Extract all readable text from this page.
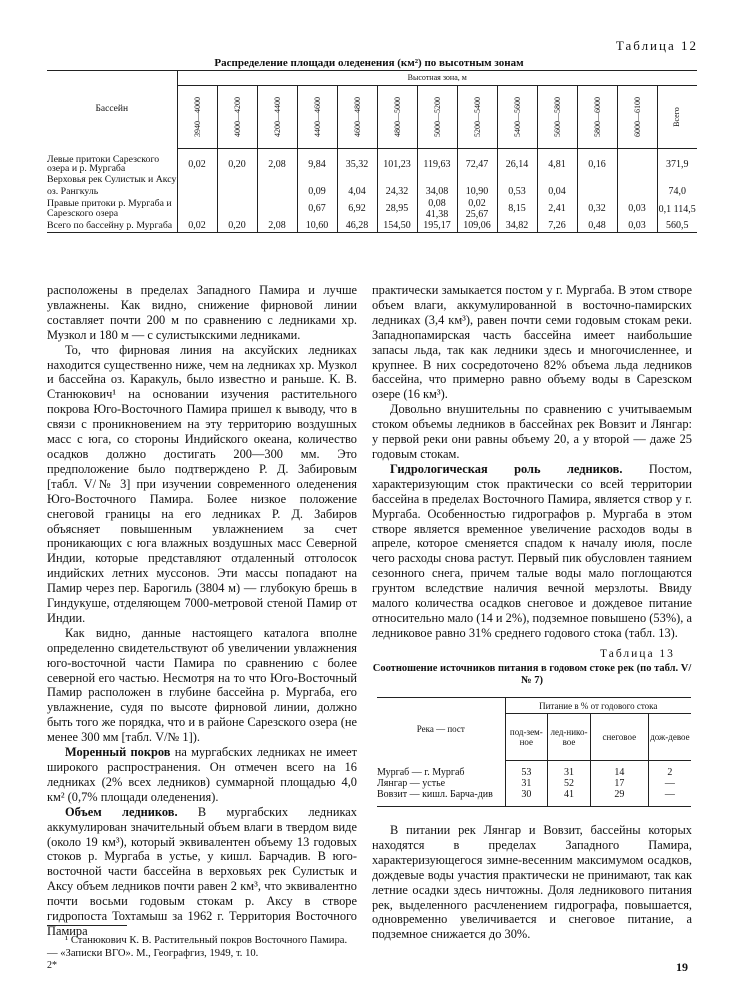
Таблица 12
Распределение площади оледенения (км²) по высотным зонам
Бассейн	Высотная зона, м												
	3940—4000	4000—4200	4200—4400	4400—4600	4600—4800	4800—5000	5000—5200	5200—5400	5400—5600	5600—5800	5800—6000	6000—6100	Всего
Левые притоки Сарезского озера и р. Мургаба	0,02	0,20	2,08	9,84	35,32	101,23	119,63	72,47	26,14	4,81	0,16		371,9
Верховья рек Сулистык и Аксу													
оз. Рангкуль				0,09	4,04	24,32	34,08	10,90	0,53	0,04			74,0
Правые притоки р. Мургаба и Сарезского озера				0,67	6,92	28,95	0,08 41,38	0,02 25,67	8,15	2,41	0,32	0,03	0,1 114,5
Всего по бассейну р. Мургаба	0,02	0,20	2,08	10,60	46,28	154,50	195,17	109,06	34,82	7,26	0,48	0,03	560,5

расположены в пределах Западного Памира и лучше увлажнены. Как видно, снижение фирновой линии составляет почти 200 м по сравнению с ледниками хр. Музкол и 180 м — с сулистыкскими ледниками.

То, что фирновая линия на аксуйских ледниках находится существенно ниже, чем на ледниках хр. Музкол и бассейна оз. Каракуль, было известно и раньше. К. В. Станюкович¹ на основании изучения растительного покрова Юго-Восточного Памира пришел к выводу, что в связи с проникновением на эту территорию воздушных масс с юга, со стороны Индийского океана, количество осадков должно достигать 200—300 мм. Это предположение было подтверждено Р. Д. Забировым [табл. V/№ 3] при изучении современного оледенения Юго-Восточного Памира. Более низкое положение снеговой границы на его ледниках Р. Д. Забиров объясняет повышенным увлажнением за счет проникающих с юга влажных воздушных масс Северной Индии, которые представляют отдаленный отголосок индийских летних муссонов. Эти массы попадают на Памир через пер. Барогиль (3804 м) — глубокую брешь в Гиндукуше, отделяющем 7000-метровой стеной Памир от Индии.

Как видно, данные настоящего каталога вполне определенно свидетельствуют об увеличении увлажнения юго-восточной части Памира по сравнению с более северной его частью. Несмотря на то что Юго-Восточный Памир расположен в глубине бассейна р. Мургаба, его увлажнение, судя по высоте фирновой линии, должно быть того же порядка, что и в районе Сарезского озера (не менее 300 мм [табл. V/№ 1]).

Моренный покров на мургабских ледниках не имеет широкого распространения. Он отмечен всего на 16 ледниках (2% всех ледников) суммарной площадью 4,0 км² (0,7% площади оледенения).

Объем ледников. В мургабских ледниках аккумулирован значительный объем влаги в твердом виде (около 19 км³), который эквивалентен объему 13 годовых стоков р. Мургаба в устье, у кишл. Барчадив. В юго-восточной части бассейна в верховьях рек Сулистык и Аксу объем ледников почти равен 2 км³, что эквивалентно почти восьми годовым стокам р. Аксу в створе гидропоста Тохтамыш за 1962 г. Территория Восточного Памира

практически замыкается постом у г. Мургаба. В этом створе объем влаги, аккумулированной в восточно-памирских ледниках (3,4 км³), равен почти семи годовым стокам реки. Западнопамирская часть бассейна имеет наибольшие запасы льда, так как ледники здесь и многочисленнее, и крупнее. В них сосредоточено 82% объема льда ледников бассейна, что примерно равно объему воды в Сарезском озере (16 км³).

Довольно внушительны по сравнению с учитываемым стоком объемы ледников в бассейнах рек Вовзит и Лянгар: у первой реки они равны объему 20, а у второй — даже 25 годовым стокам.

Гидрологическая роль ледников. Постом, характеризующим сток практически со всей территории бассейна в пределах Восточного Памира, является створ у г. Мургаба. Особенностью гидрографов р. Мургаба в этом створе является временное увеличение расходов воды в апреле, которое сменяется спадом к началу июля, после чего расходы снова растут. Первый пик обусловлен таянием сезонного снега, причем талые воды мало поглощаются грунтом вследствие наличия вечной мерзлоты. Ввиду малого количества осадков снеговое и дождевое питание относительно мало (14 и 2%), подземное повышено (53%), а ледниковое равно 31% среднего годового стока (табл. 13).

Таблица 13
Соотношение источников питания в годовом стоке рек (по табл. V/№ 7)
Река — пост	Питание в % от годового стока			
	под-зем-ное	лед-нико-вое	снеговое	дож-девое
Мургаб — г. Мургаб	53	31	14	2
Лянгар — устье	31	52	17	—
Вовзит — кишл. Барча-див	30	41	29	—

В питании рек Лянгар и Вовзит, бассейны которых находятся в пределах Западного Памира, характеризующегося зимне-весенним максимумом осадков, дождевые воды участия практически не принимают, так как летние осадки здесь ничтожны. Доля ледникового питания рек, выделенного расчленением гидрографа, повышается, одновременно увеличивается и снеговое питание, а подземное снижается до 30%.

¹ Станюкович К. В. Растительный покров Восточного Памира.— «Записки ВГО». М., Географгиз, 1949, т. 10.
2*	19
